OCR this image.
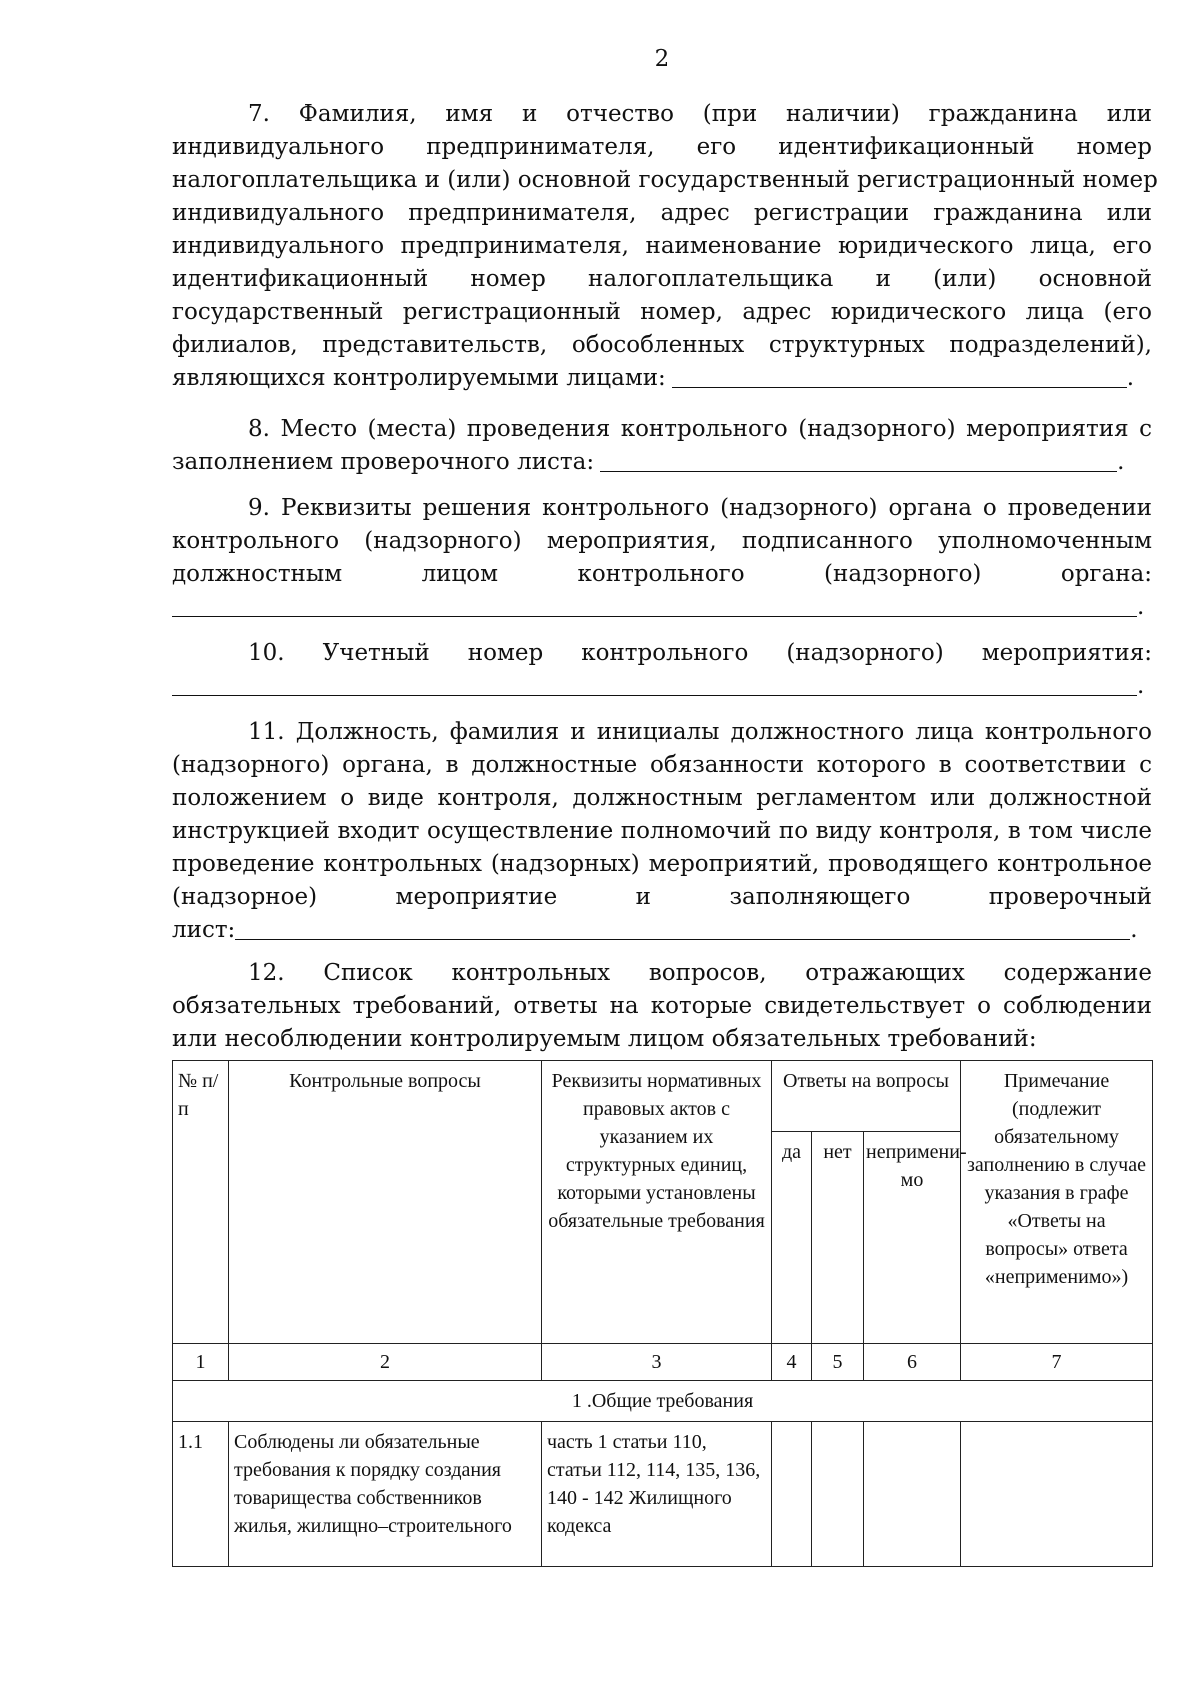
2
7. Фамилия, имя и отчество (при наличии) гражданина или
индивидуального предпринимателя, его идентификационный номер
налогоплательщика и (или) основной государственный регистрационный номер
индивидуального предпринимателя, адрес регистрации гражданина или
индивидуального предпринимателя, наименование юридического лица, его
идентификационный номер налогоплательщика и (или) основной
государственный регистрационный номер, адрес юридического лица (его
филиалов, представительств, обособленных структурных подразделений),
являющихся контролируемыми лицами:	.
8. Место (места) проведения контрольного (надзорного) мероприятия с
заполнением проверочного листа:	.
9. Реквизиты решения контрольного (надзорного) органа о проведении
контрольного (надзорного) мероприятия, подписанного уполномоченным
должностным лицом контрольного (надзорного) органа:
.
10. Учетный номер контрольного (надзорного) мероприятия:
.
11. Должность, фамилия и инициалы должностного лица контрольного
(надзорного) органа, в должностные обязанности которого в соответствии с
положением о виде контроля, должностным регламентом или должностной
инструкцией входит осуществление полномочий по виду контроля, в том числе
проведение контрольных (надзорных) мероприятий, проводящего контрольное
(надзорное) мероприятие и заполняющего проверочный
лист:	.
12. Список контрольных вопросов, отражающих содержание
обязательных требований, ответы на которые свидетельствует о соблюдении
или несоблюдении контролируемым лицом обязательных требований:
№ п/п	Контрольные вопросы	Реквизиты нормативных правовых актов с указанием их структурных единиц, которыми установлены обязательные требования	Ответы на вопросы			Примечание (подлежит обязательному заполнению в случае указания в графе «Ответы на вопросы» ответа «неприменимо»)
			да	нет	неприменимо	
1	2	3	4	5	6	7
1 .Общие требования						
1.1	Соблюдены ли обязательные требования к порядку создания товарищества собственников жилья, жилищно–строительного	часть 1 статьи 110, статьи 112, 114, 135, 136, 140 - 142 Жилищного кодекса				
